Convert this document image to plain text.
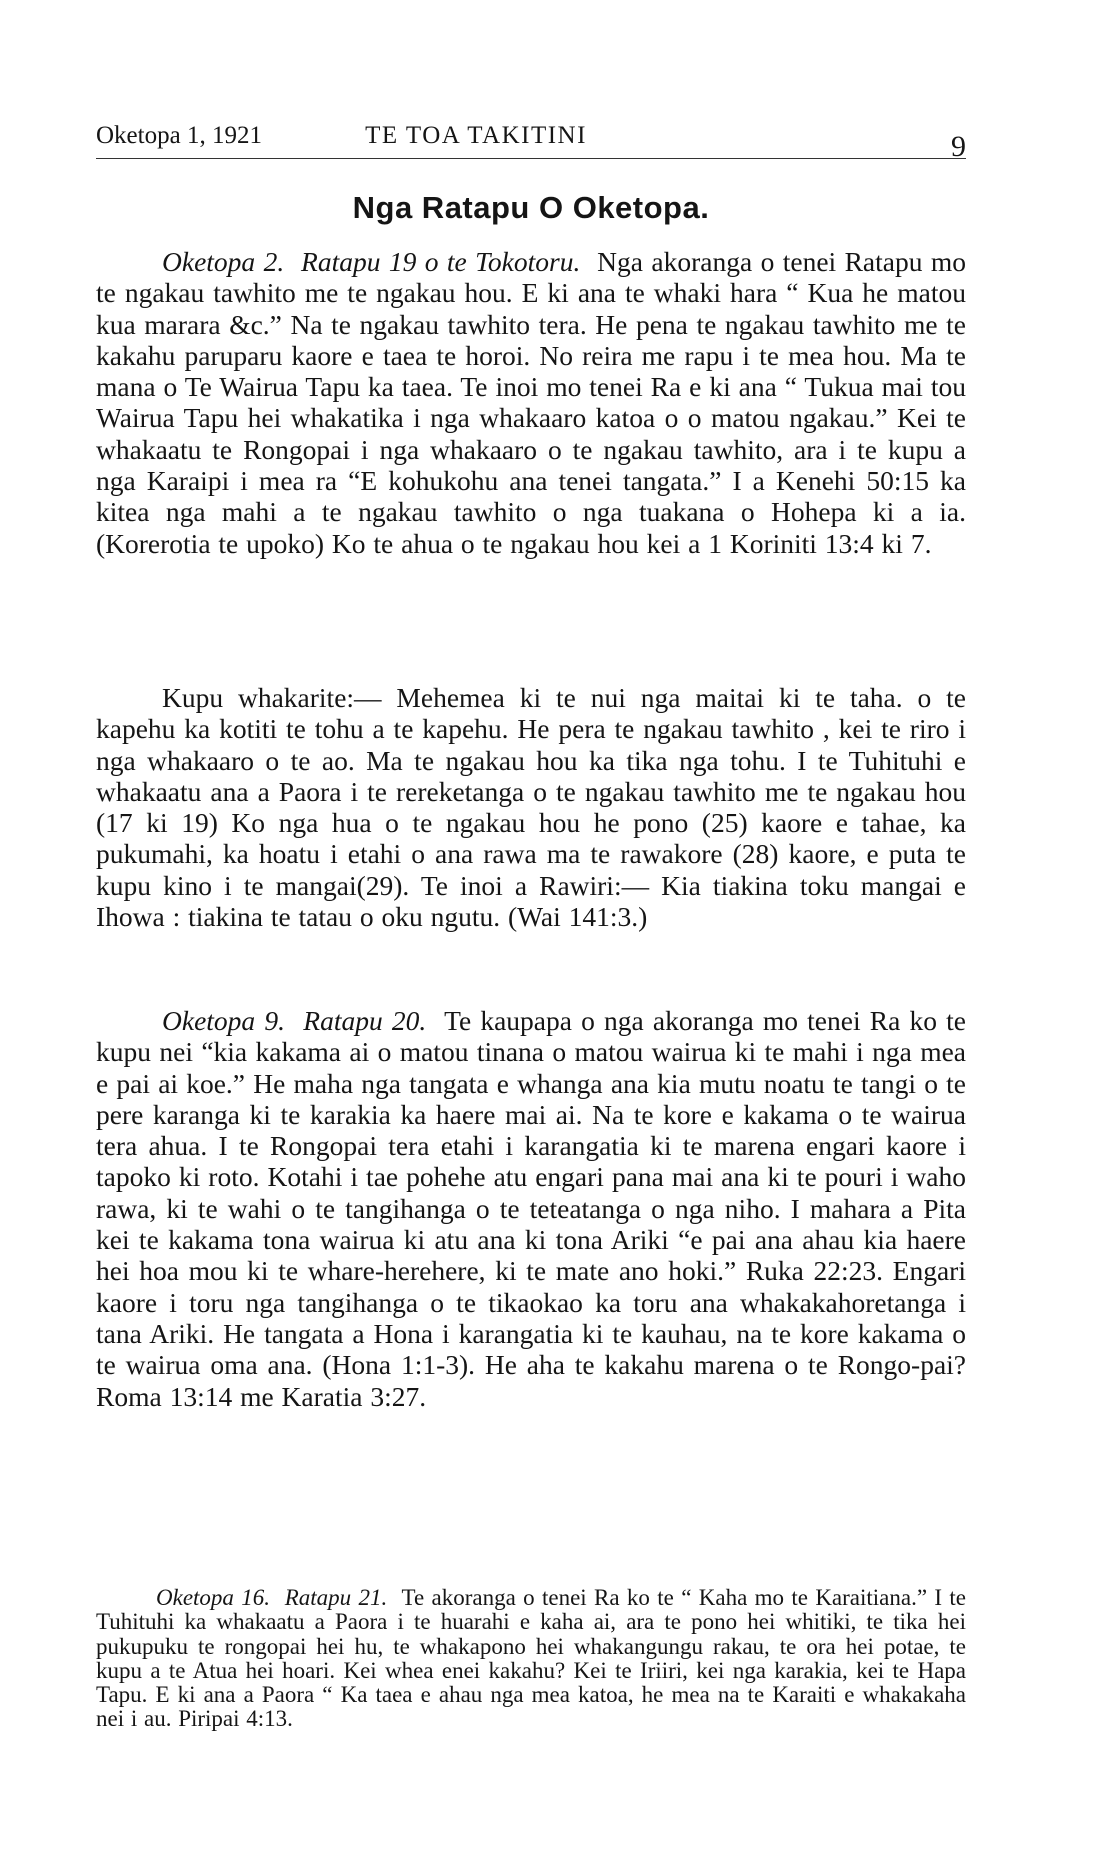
Oketopa 1, 1921	TE TOA TAKITINI	9
Nga Ratapu O Oketopa.

Oketopa 2. Ratapu 19 o te Tokotoru. Nga akoranga o tenei Ratapu mo te ngakau tawhito me te ngakau hou. E ki ana te whaki hara “ Kua he matou kua marara &c.” Na te ngakau tawhito tera. He pena te ngakau tawhito me te kakahu paruparu kaore e taea te horoi. No reira me rapu i te mea hou. Ma te mana o Te Wairua Tapu ka taea. Te inoi mo tenei Ra e ki ana “ Tukua mai tou Wairua Tapu hei whakatika i nga whakaaro katoa o o matou ngakau.” Kei te whakaatu te Rongopai i nga whakaaro o te ngakau tawhito, ara i te kupu a nga Karaipi i mea ra “E kohukohu ana tenei tangata.” I a Kenehi 50:15 ka kitea nga mahi a te ngakau tawhito o nga tuakana o Hohepa ki a ia. (Korerotia te upoko) Ko te ahua o te ngakau hou kei a 1 Koriniti 13:4 ki 7.

Kupu whakarite:— Mehemea ki te nui nga maitai ki te taha. o te kapehu ka kotiti te tohu a te kapehu. He pera te ngakau tawhito , kei te riro i nga whakaaro o te ao. Ma te ngakau hou ka tika nga tohu. I te Tuhituhi e whakaatu ana a Paora i te rereketanga o te ngakau tawhito me te ngakau hou (17 ki 19) Ko nga hua o te ngakau hou he pono (25) kaore e tahae, ka pukumahi, ka hoatu i etahi o ana rawa ma te rawakore (28) kaore, e puta te kupu kino i te mangai(29). Te inoi a Rawiri:— Kia tiakina toku mangai e Ihowa : tiakina te tatau o oku ngutu. (Wai 141:3.)

Oketopa 9. Ratapu 20. Te kaupapa o nga akoranga mo tenei Ra ko te kupu nei “kia kakama ai o matou tinana o matou wairua ki te mahi i nga mea e pai ai koe.” He maha nga tangata e whanga ana kia mutu noatu te tangi o te pere karanga ki te karakia ka haere mai ai. Na te kore e kakama o te wairua tera ahua. I te Rongopai tera etahi i karangatia ki te marena engari kaore i tapoko ki roto. Kotahi i tae pohehe atu engari pana mai ana ki te pouri i waho rawa, ki te wahi o te tangihanga o te teteatanga o nga niho. I mahara a Pita kei te kakama tona wairua ki atu ana ki tona Ariki “e pai ana ahau kia haere hei hoa mou ki te whare-herehere, ki te mate ano hoki.” Ruka 22:23. Engari kaore i toru nga tangihanga o te tikaokao ka toru ana whakakahoretanga i tana Ariki. He tangata a Hona i karangatia ki te kauhau, na te kore kakama o te wairua oma ana. (Hona 1:1-3). He aha te kakahu marena o te Rongo-pai? Roma 13:14 me Karatia 3:27.

Oketopa 16. Ratapu 21. Te akoranga o tenei Ra ko te “ Kaha mo te Karaitiana.” I te Tuhituhi ka whakaatu a Paora i te huarahi e kaha ai, ara te pono hei whitiki, te tika hei pukupuku te rongopai hei hu, te whakapono hei whakangungu rakau, te ora hei potae, te kupu a te Atua hei hoari. Kei whea enei kakahu? Kei te Iriiri, kei nga karakia, kei te Hapa Tapu. E ki ana a Paora “ Ka taea e ahau nga mea katoa, he mea na te Karaiti e whakakaha nei i au. Piripai 4:13.
